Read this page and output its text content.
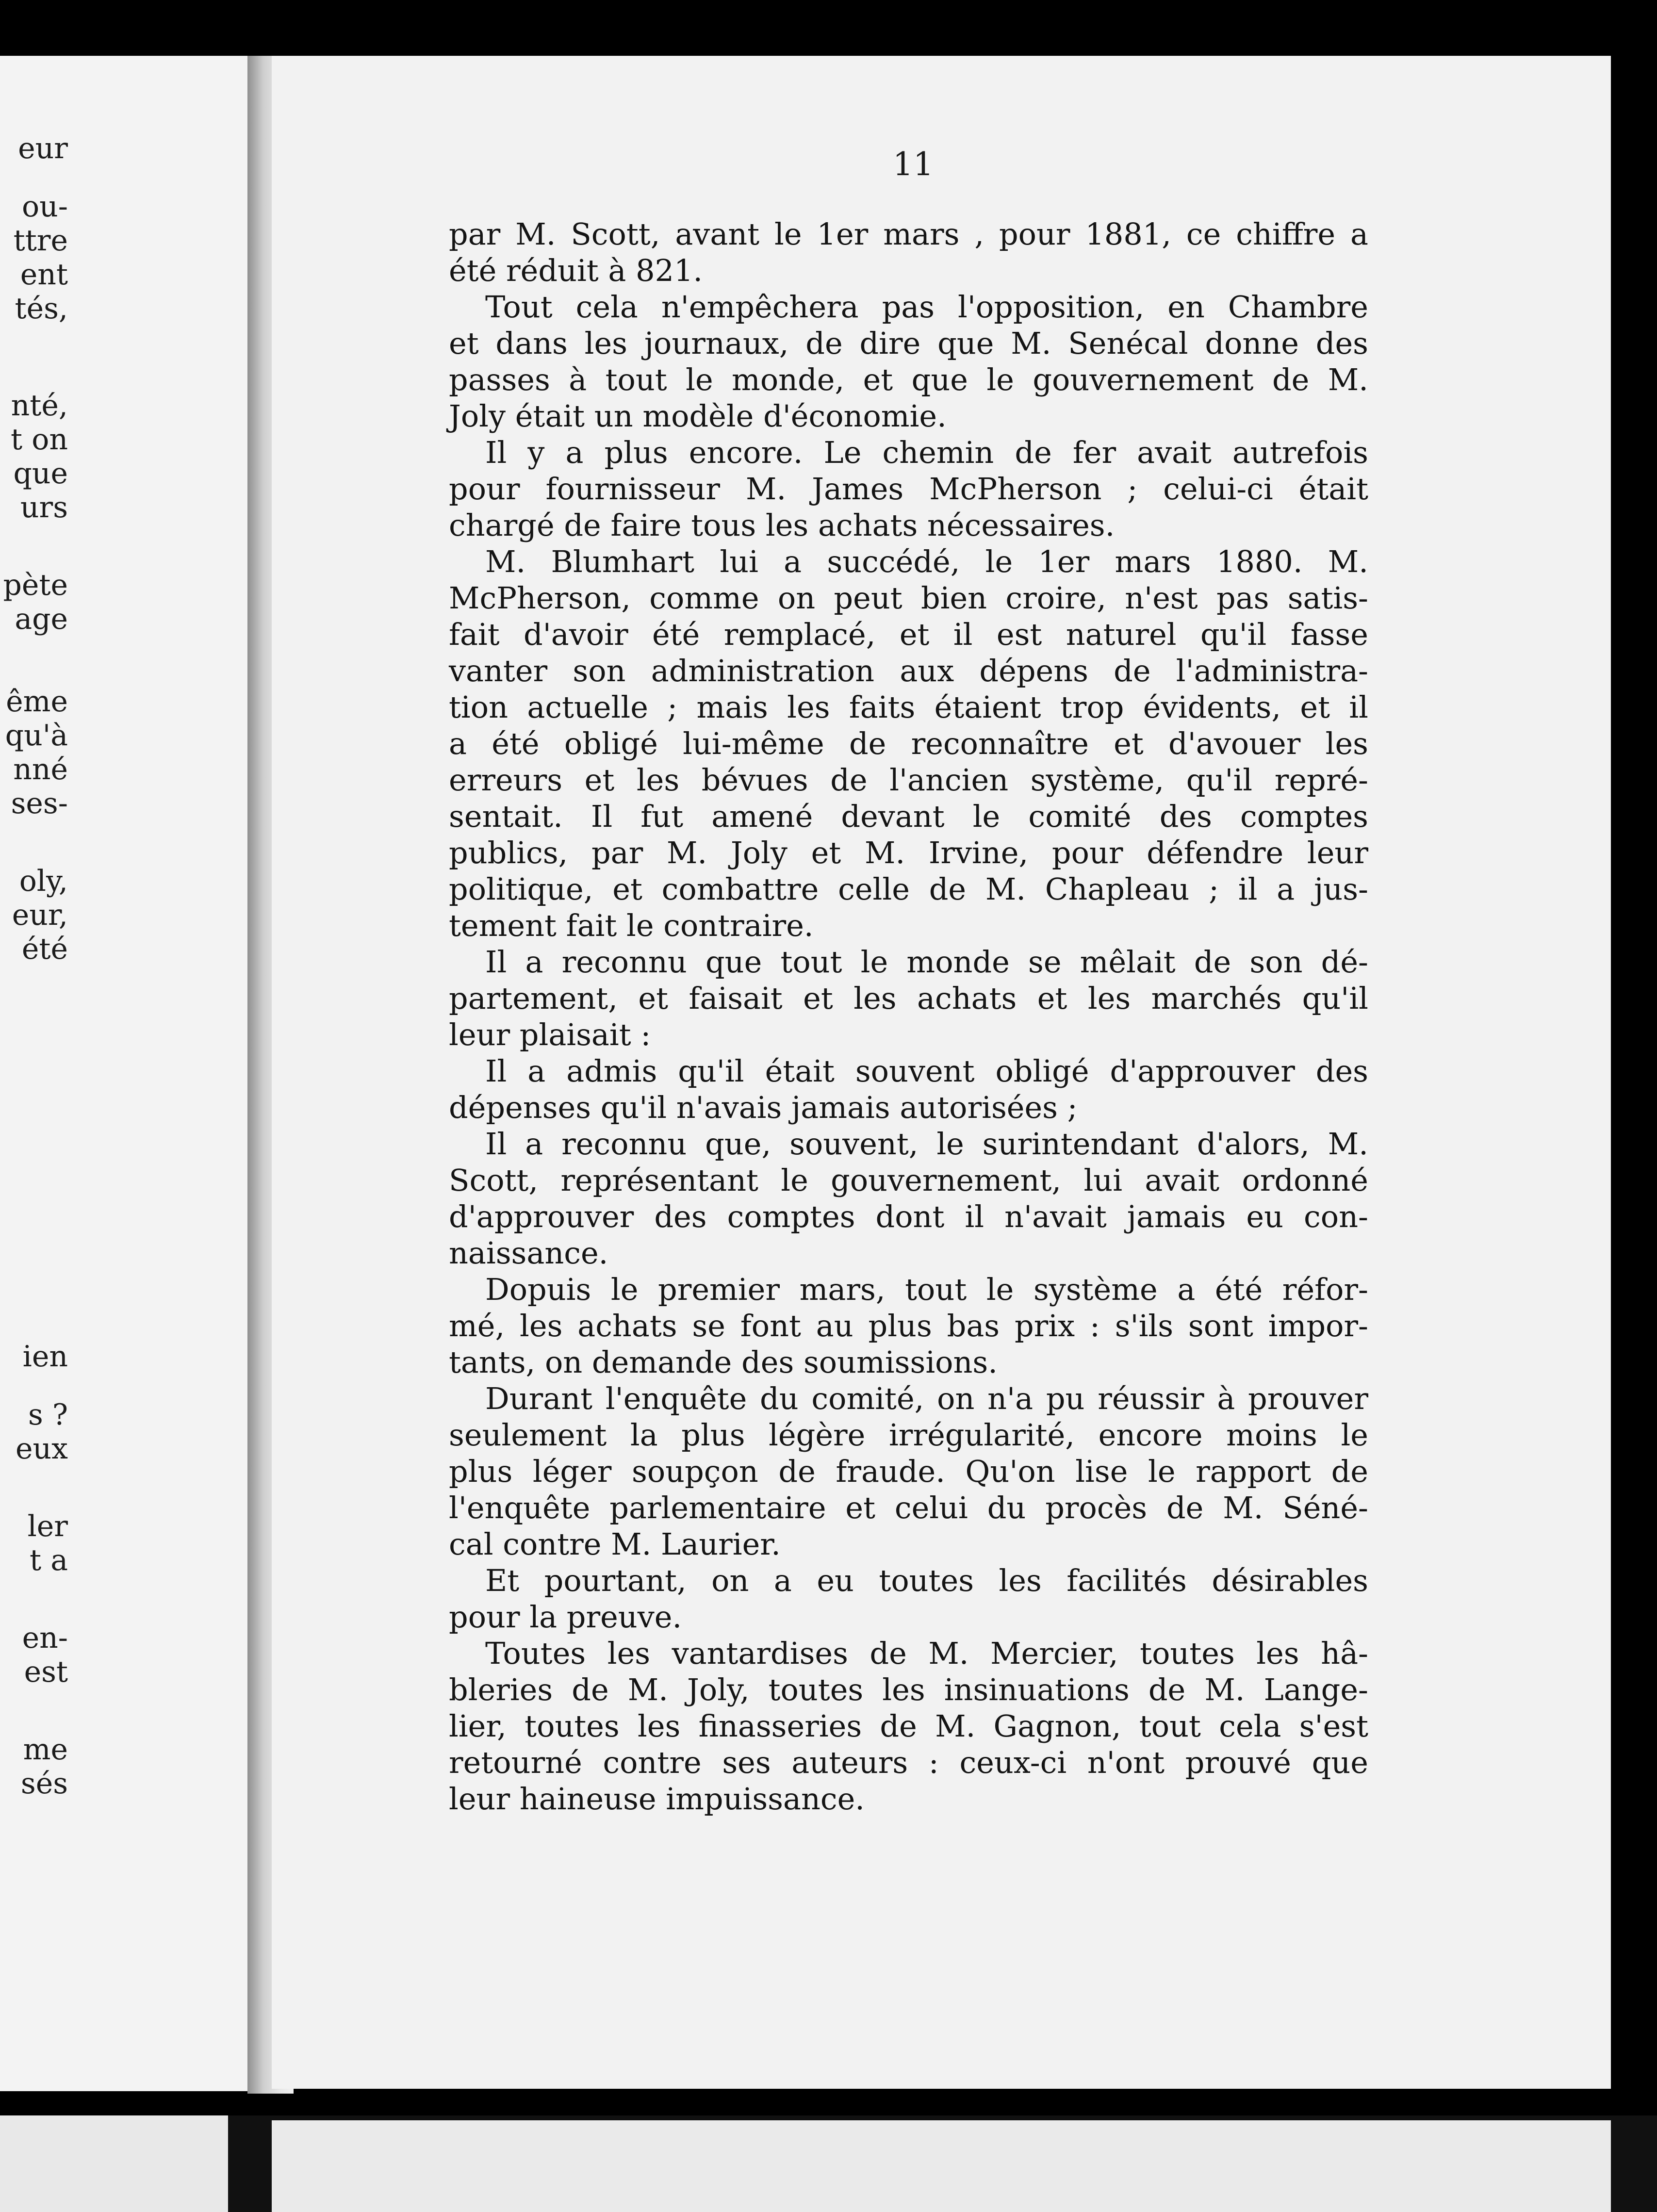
eur
ou-
ttre
ent
tés,
nté,
t on
que
urs
pète
age
ême
qu'à
nné
ses-
oly,
eur,
été
ien
s ?
eux
ler
t a
en-
est
me
sés
11
par M. Scott, avant le 1er mars , pour 1881, ce chiffre a
été réduit à 821.
Tout cela n'empêchera pas l'opposition, en Chambre
et dans les journaux, de dire que M. Senécal donne des
passes à tout le monde, et que le gouvernement de M.
Joly était un modèle d'économie.
Il y a plus encore. Le chemin de fer avait autrefois
pour fournisseur M. James McPherson ; celui-ci était
chargé de faire tous les achats nécessaires.
M. Blumhart lui a succédé, le 1er mars 1880. M.
McPherson, comme on peut bien croire, n'est pas satis-
fait d'avoir été remplacé, et il est naturel qu'il fasse
vanter son administration aux dépens de l'administra-
tion actuelle ; mais les faits étaient trop évidents, et il
a été obligé lui-même de reconnaître et d'avouer les
erreurs et les bévues de l'ancien système, qu'il repré-
sentait. Il fut amené devant le comité des comptes
publics, par M. Joly et M. Irvine, pour défendre leur
politique, et combattre celle de M. Chapleau ; il a jus-
tement fait le contraire.
Il a reconnu que tout le monde se mêlait de son dé-
partement, et faisait et les achats et les marchés qu'il
leur plaisait :
Il a admis qu'il était souvent obligé d'approuver des
dépenses qu'il n'avais jamais autorisées ;
Il a reconnu que, souvent, le surintendant d'alors, M.
Scott, représentant le gouvernement, lui avait ordonné
d'approuver des comptes dont il n'avait jamais eu con-
naissance.
Dopuis le premier mars, tout le système a été réfor-
mé, les achats se font au plus bas prix : s'ils sont impor-
tants, on demande des soumissions.
Durant l'enquête du comité, on n'a pu réussir à prouver
seulement la plus légère irrégularité, encore moins le
plus léger soupçon de fraude. Qu'on lise le rapport de
l'enquête parlementaire et celui du procès de M. Séné-
cal contre M. Laurier.
Et pourtant, on a eu toutes les facilités désirables
pour la preuve.
Toutes les vantardises de M. Mercier, toutes les hâ-
bleries de M. Joly, toutes les insinuations de M. Lange-
lier, toutes les finasseries de M. Gagnon, tout cela s'est
retourné contre ses auteurs : ceux-ci n'ont prouvé que
leur haineuse impuissance.
